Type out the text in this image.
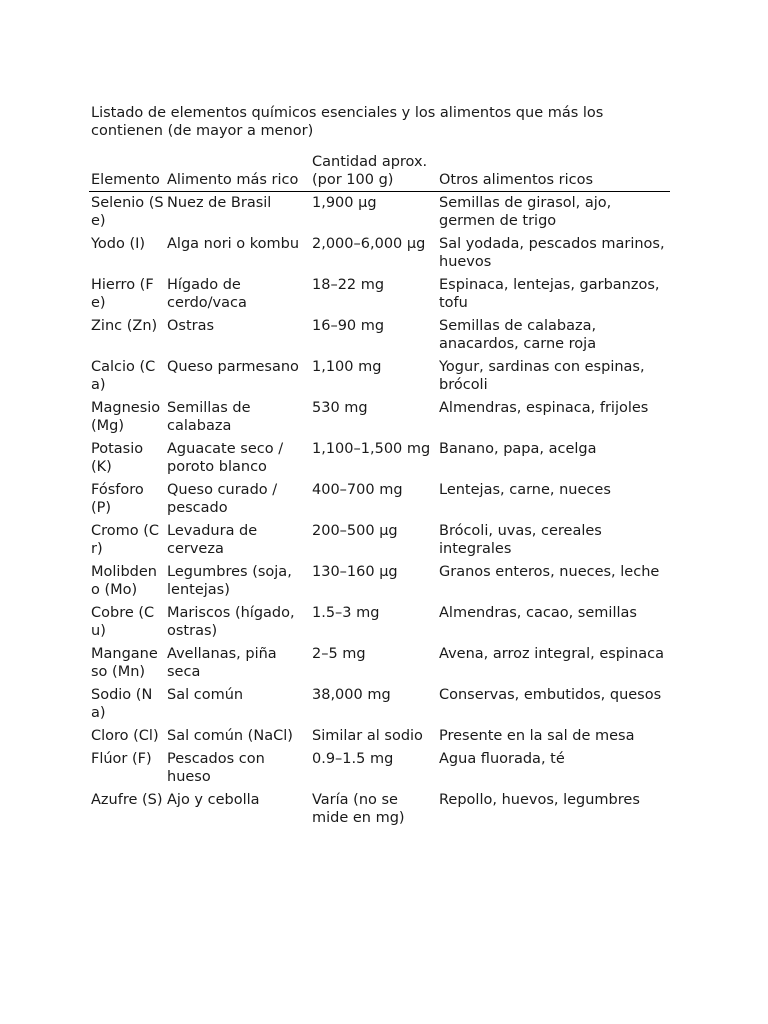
Listado de elementos químicos esenciales y los alimentos que más los contienen (de mayor a menor)
Elemento	Alimento más rico	Cantidad aprox. (por 100 g)	Otros alimentos ricos
Selenio (Se)	Nuez de Brasil	1,900 µg	Semillas de girasol, ajo, germen de trigo
Yodo (I)	Alga nori o kombu	2,000–6,000 µg	Sal yodada, pescados marinos, huevos
Hierro (Fe)	Hígado de cerdo/vaca	18–22 mg	Espinaca, lentejas, garbanzos, tofu
Zinc (Zn)	Ostras	16–90 mg	Semillas de calabaza, anacardos, carne roja
Calcio (Ca)	Queso parmesano	1,100 mg	Yogur, sardinas con espinas, brócoli
Magnesio (Mg)	Semillas de calabaza	530 mg	Almendras, espinaca, frijoles
Potasio (K)	Aguacate seco / poroto blanco	1,100–1,500 mg	Banano, papa, acelga
Fósforo (P)	Queso curado / pescado	400–700 mg	Lentejas, carne, nueces
Cromo (Cr)	Levadura de cerveza	200–500 µg	Brócoli, uvas, cereales integrales
Molibdeno (Mo)	Legumbres (soja, lentejas)	130–160 µg	Granos enteros, nueces, leche
Cobre (Cu)	Mariscos (hígado, ostras)	1.5–3 mg	Almendras, cacao, semillas
Manganeso (Mn)	Avellanas, piña seca	2–5 mg	Avena, arroz integral, espinaca
Sodio (Na)	Sal común	38,000 mg	Conservas, embutidos, quesos
Cloro (Cl)	Sal común (NaCl)	Similar al sodio	Presente en la sal de mesa
Flúor (F)	Pescados con hueso	0.9–1.5 mg	Agua fluorada, té
Azufre (S)	Ajo y cebolla	Varía (no se mide en mg)	Repollo, huevos, legumbres
